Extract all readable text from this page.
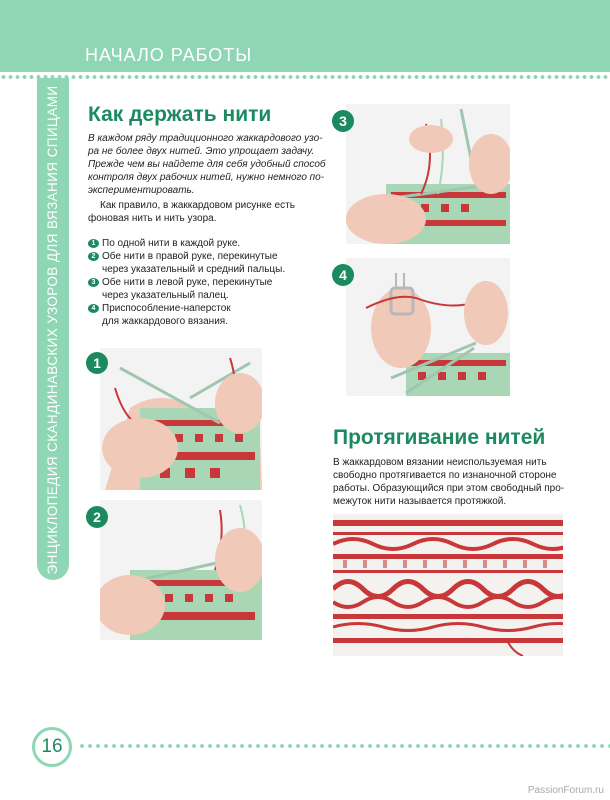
НАЧАЛО РАБОТЫ
ЭНЦИКЛОПЕДИЯ СКАНДИНАВСКИХ УЗОРОВ ДЛЯ ВЯЗАНИЯ СПИЦАМИ Как держать нити
В каждом ряду традиционного жаккардового узо-
ра не более двух нитей. Это упрощает задачу.
Прежде чем вы найдете для себя удобный способ
контроля двух рабочих нитей, нужно немного по-
экспериментировать.
Как правило, в жаккардовом рисунке есть
фоновая нить и нить узора.
1 По одной нити в каждой руке.
2 Обе нити в правой руке, перекинутые
через указательный и средний пальцы.
3 Обе нити в левой руке, перекинутые
через указательный палец.
4 Приспособление-наперсток
для жаккардового вязания.
1
2
3
4
Протягивание нитей
В жаккардовом вязании неиспользуемая нить
свободно протягивается по изнаночной стороне
работы. Образующийся при этом свободный про-
межуток нити называется протяжкой.
16
PassionForum.ru
